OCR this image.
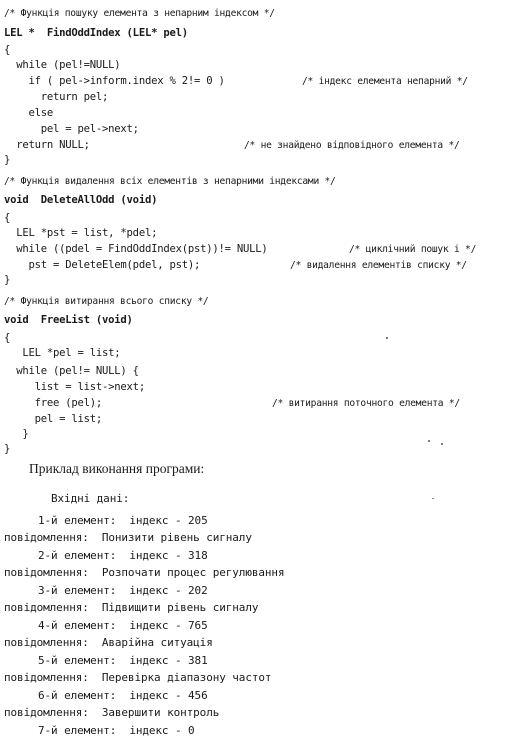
/* Функція пошуку елемента з непарним індексом */
LEL *  FindOddIndex (LEL* pel)
{
while (pel!=NULL)
if ( pel->inform.index % 2!= 0 )	/* індекс елемента непарний */
return pel;
else
pel = pel->next;
return NULL;	/* не знайдено відповідного елемента */
}
/* Функція видалення всіх елементів з непарними індексами */
void  DeleteAllOdd (void)
{
LEL *pst = list, *pdel;
while ((pdel = FindOddIndex(pst))!= NULL)	/* циклічний пошук і */
pst = DeleteElem(pdel, pst);	/* видалення елементів списку */
}
/* Функція витирання всього списку */
void  FreeList (void)
{
LEL *pel = list;
while (pel!= NULL) {
list = list->next;
free (pel);	/* витирання поточного елемента */
pel = list;
}
}
Приклад виконання програми:
Вхідні дані:
1-й елемент:  індекс - 205
повідомлення:  Понизити рівень сигналу
2-й елемент:  індекс - 318
повідомлення:  Розпочати процес регулювання
3-й елемент:  індекс - 202
повідомлення:  Підвищити рівень сигналу
4-й елемент:  індекс - 765
повідомлення:  Аварійна ситуація
5-й елемент:  індекс - 381
повідомлення:  Перевірка діапазону частот
6-й елемент:  індекс - 456
повідомлення:  Завершити контроль
7-й елемент:  індекс - 0
